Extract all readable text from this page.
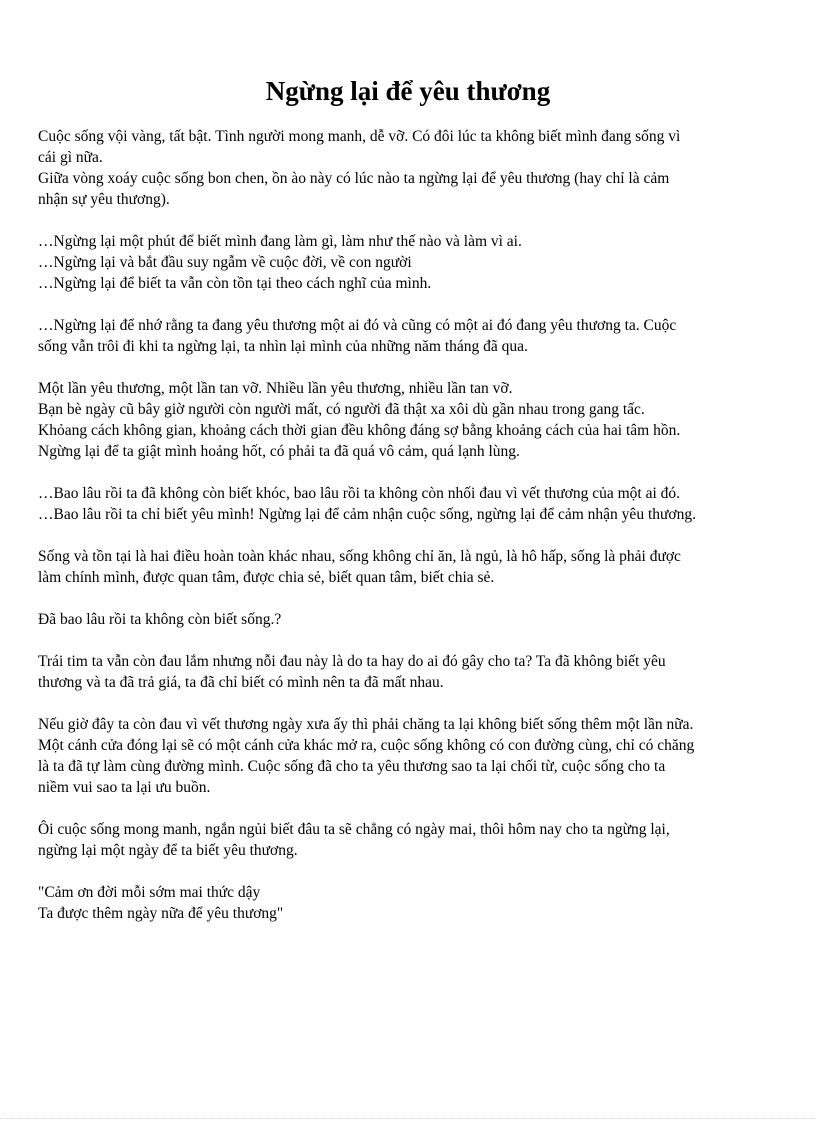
Ngừng lại để yêu thương

Cuộc sống vội vàng, tất bật. Tình người mong manh, dễ vỡ. Có đôi lúc ta không biết mình đang sống vì
cái gì nữa.
Giữa vòng xoáy cuộc sống bon chen, ồn ào này có lúc nào ta ngừng lại để yêu thương (hay chỉ là cảm
nhận sự yêu thương).

…Ngừng lại một phút để biết mình đang làm gì, làm như thế nào và làm vì ai.
…Ngừng lại và bắt đầu suy ngẫm về cuộc đời, về con người
…Ngừng lại để biết ta vẫn còn tồn tại theo cách nghĩ của mình.

…Ngừng lại để nhớ rằng ta đang yêu thương một ai đó và cũng có một ai đó đang yêu thương ta. Cuộc
sống vẫn trôi đi khi ta ngừng lại, ta nhìn lại mình của những năm tháng đã qua.

Một lần yêu thương, một lần tan vỡ. Nhiều lần yêu thương, nhiều lần tan vỡ.
Bạn bè ngày cũ bây giờ người còn người mất, có người đã thật xa xôi dù gần nhau trong gang tấc.
Khỏang cách không gian, khoảng cách thời gian đều không đáng sợ bằng khoảng cách của hai tâm hồn.
Ngừng lại để ta giật mình hoảng hốt, có phải ta đã quá vô cảm, quá lạnh lùng.

…Bao lâu rồi ta đã không còn biết khóc, bao lâu rồi ta không còn nhối đau vì vết thương của một ai đó.
…Bao lâu rồi ta chỉ biết yêu mình! Ngừng lại để cảm nhận cuộc sống, ngừng lại để cảm nhận yêu thương.

Sống và tồn tại là hai điều hoàn toàn khác nhau, sống không chỉ ăn, là ngủ, là hô hấp, sống là phải được
làm chính mình, được quan tâm, được chia sẻ, biết quan tâm, biết chia sẻ.

Đã bao lâu rồi ta không còn biết sống.?

Trái tim ta vẫn còn đau lắm nhưng nỗi đau này là do ta hay do ai đó gây cho ta? Ta đã không biết yêu
thương và ta đã trả giá, ta đã chỉ biết có mình nên ta đã mất nhau.

Nếu giờ đây ta còn đau vì vết thương ngày xưa ấy thì phải chăng ta lại không biết sống thêm một lần nữa.
Một cánh cửa đóng lại sẽ có một cánh cửa khác mở ra, cuộc sống không có con đường cùng, chỉ có chăng
là ta đã tự làm cùng đường mình. Cuộc sống đã cho ta yêu thương sao ta lại chối từ, cuộc sống cho ta
niềm vui sao ta lại ưu buồn.

Ôi cuộc sống mong manh, ngắn ngủi biết đâu ta sẽ chẳng có ngày mai, thôi hôm nay cho ta ngừng lại,
ngừng lại một ngày để ta biết yêu thương.

"Cảm ơn đời mỗi sớm mai thức dậy
Ta được thêm ngày nữa để yêu thương"
